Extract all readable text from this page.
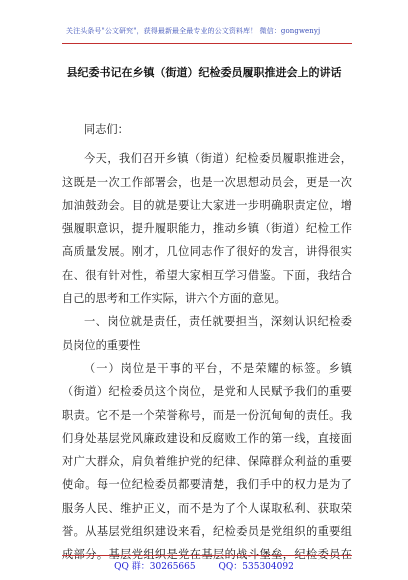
关注头条号"公文研究"，获得最新最全最专业的公文资料库！ 微信：gongwenyj
县纪委书记在乡镇（街道）纪检委员履职推进会上的讲话
同志们：
今天，我们召开乡镇（街道）纪检委员履职推进会，
这既是一次工作部署会，也是一次思想动员会，更是一次
加油鼓劲会。目的就是要让大家进一步明确职责定位，增
强履职意识，提升履职能力，推动乡镇（街道）纪检工作
高质量发展。刚才，几位同志作了很好的发言，讲得很实
在、很有针对性，希望大家相互学习借鉴。下面，我结合
自己的思考和工作实际，讲六个方面的意见。
一、岗位就是责任，责任就要担当，深刻认识纪检委
员岗位的重要性
（一）岗位是干事的平台，不是荣耀的标签。乡镇
（街道）纪检委员这个岗位，是党和人民赋予我们的重要
职责。它不是一个荣誉称号，而是一份沉甸甸的责任。我
们身处基层党风廉政建设和反腐败工作的第一线，直接面
对广大群众，肩负着维护党的纪律、保障群众利益的重要
使命。每一位纪检委员都要清楚，我们手中的权力是为了
服务人民、维护正义，而不是为了个人谋取私利、获取荣
誉。从基层党组织建设来看，纪检委员是党组织的重要组
成部分。基层党组织是党在基层的战斗堡垒，纪检委员在
QQ 群：30265665	QQ：535304092
